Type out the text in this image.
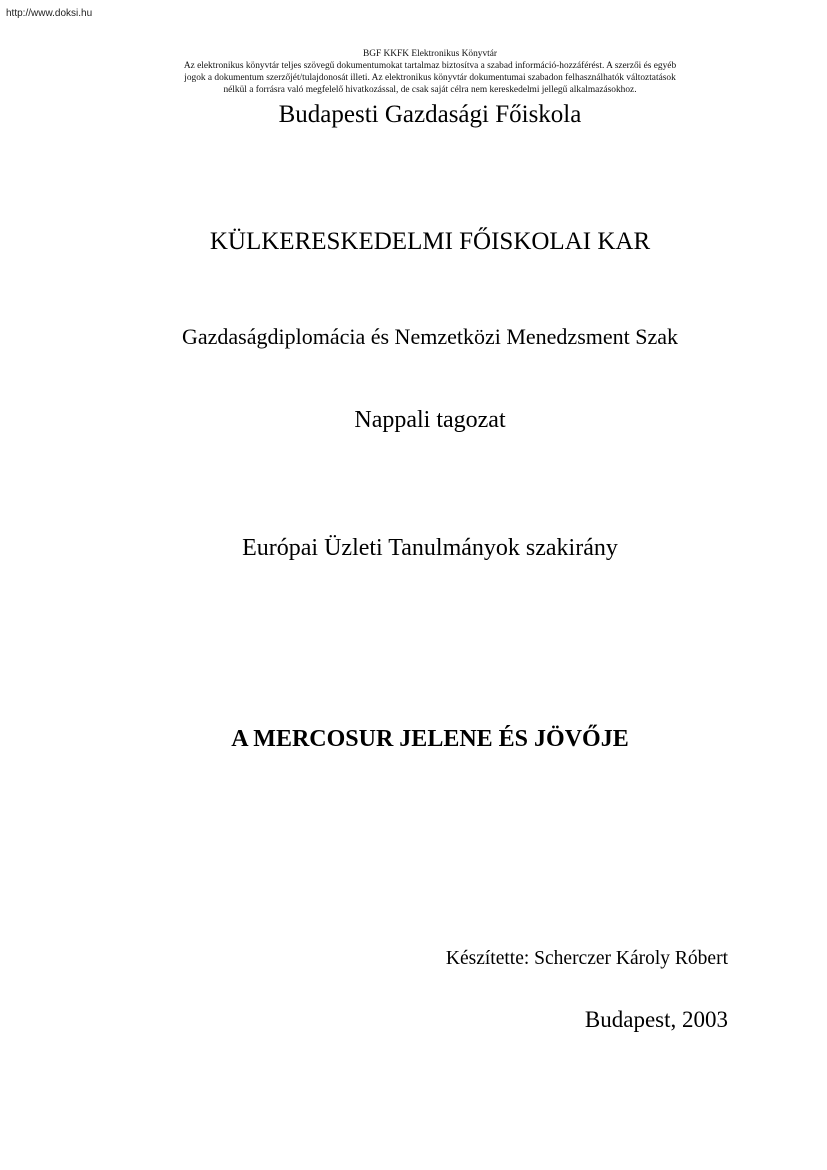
http://www.doksi.hu
BGF KKFK Elektronikus Könyvtár
Az elektronikus könyvtár teljes szövegű dokumentumokat tartalmaz biztosítva a szabad információ-hozzáférést. A szerzői és egyéb
jogok a dokumentum szerzőjét/tulajdonosát illeti. Az elektronikus könyvtár dokumentumai szabadon felhasználhatók változtatások
nélkül a forrásra való megfelelő hivatkozással, de csak saját célra nem kereskedelmi jellegű alkalmazásokhoz.
Budapesti Gazdasági Főiskola
KÜLKERESKEDELMI FŐISKOLAI KAR
Gazdaságdiplomácia és Nemzetközi Menedzsment Szak
Nappali tagozat
Európai Üzleti Tanulmányok szakirány
A MERCOSUR JELENE ÉS JÖVŐJE
Készítette: Scherczer Károly Róbert
Budapest, 2003
